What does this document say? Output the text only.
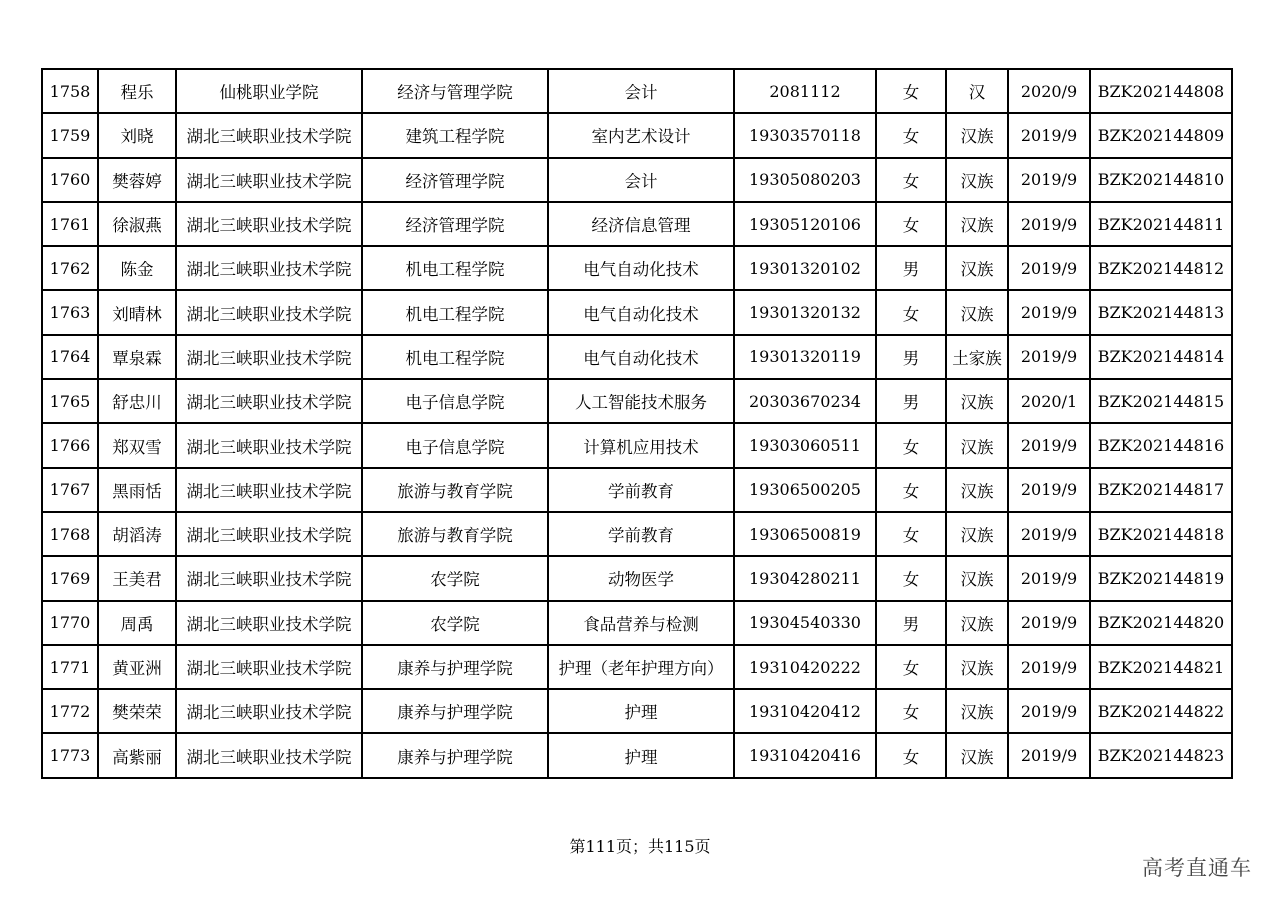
1758	程乐	仙桃职业学院	经济与管理学院	会计	2081112	女	汉	2020/9	BZK202144808
1759	刘晓	湖北三峡职业技术学院	建筑工程学院	室内艺术设计	19303570118	女	汉族	2019/9	BZK202144809
1760	樊蓉婷	湖北三峡职业技术学院	经济管理学院	会计	19305080203	女	汉族	2019/9	BZK202144810
1761	徐淑燕	湖北三峡职业技术学院	经济管理学院	经济信息管理	19305120106	女	汉族	2019/9	BZK202144811
1762	陈金	湖北三峡职业技术学院	机电工程学院	电气自动化技术	19301320102	男	汉族	2019/9	BZK202144812
1763	刘晴林	湖北三峡职业技术学院	机电工程学院	电气自动化技术	19301320132	女	汉族	2019/9	BZK202144813
1764	覃泉霖	湖北三峡职业技术学院	机电工程学院	电气自动化技术	19301320119	男	土家族	2019/9	BZK202144814
1765	舒忠川	湖北三峡职业技术学院	电子信息学院	人工智能技术服务	20303670234	男	汉族	2020/1	BZK202144815
1766	郑双雪	湖北三峡职业技术学院	电子信息学院	计算机应用技术	19303060511	女	汉族	2019/9	BZK202144816
1767	黑雨恬	湖北三峡职业技术学院	旅游与教育学院	学前教育	19306500205	女	汉族	2019/9	BZK202144817
1768	胡滔涛	湖北三峡职业技术学院	旅游与教育学院	学前教育	19306500819	女	汉族	2019/9	BZK202144818
1769	王美君	湖北三峡职业技术学院	农学院	动物医学	19304280211	女	汉族	2019/9	BZK202144819
1770	周禹	湖北三峡职业技术学院	农学院	食品营养与检测	19304540330	男	汉族	2019/9	BZK202144820
1771	黄亚洲	湖北三峡职业技术学院	康养与护理学院	护理（老年护理方向）	19310420222	女	汉族	2019/9	BZK202144821
1772	樊荣荣	湖北三峡职业技术学院	康养与护理学院	护理	19310420412	女	汉族	2019/9	BZK202144822
1773	高紫丽	湖北三峡职业技术学院	康养与护理学院	护理	19310420416	女	汉族	2019/9	BZK202144823
第111页；共115页
高考直通车
